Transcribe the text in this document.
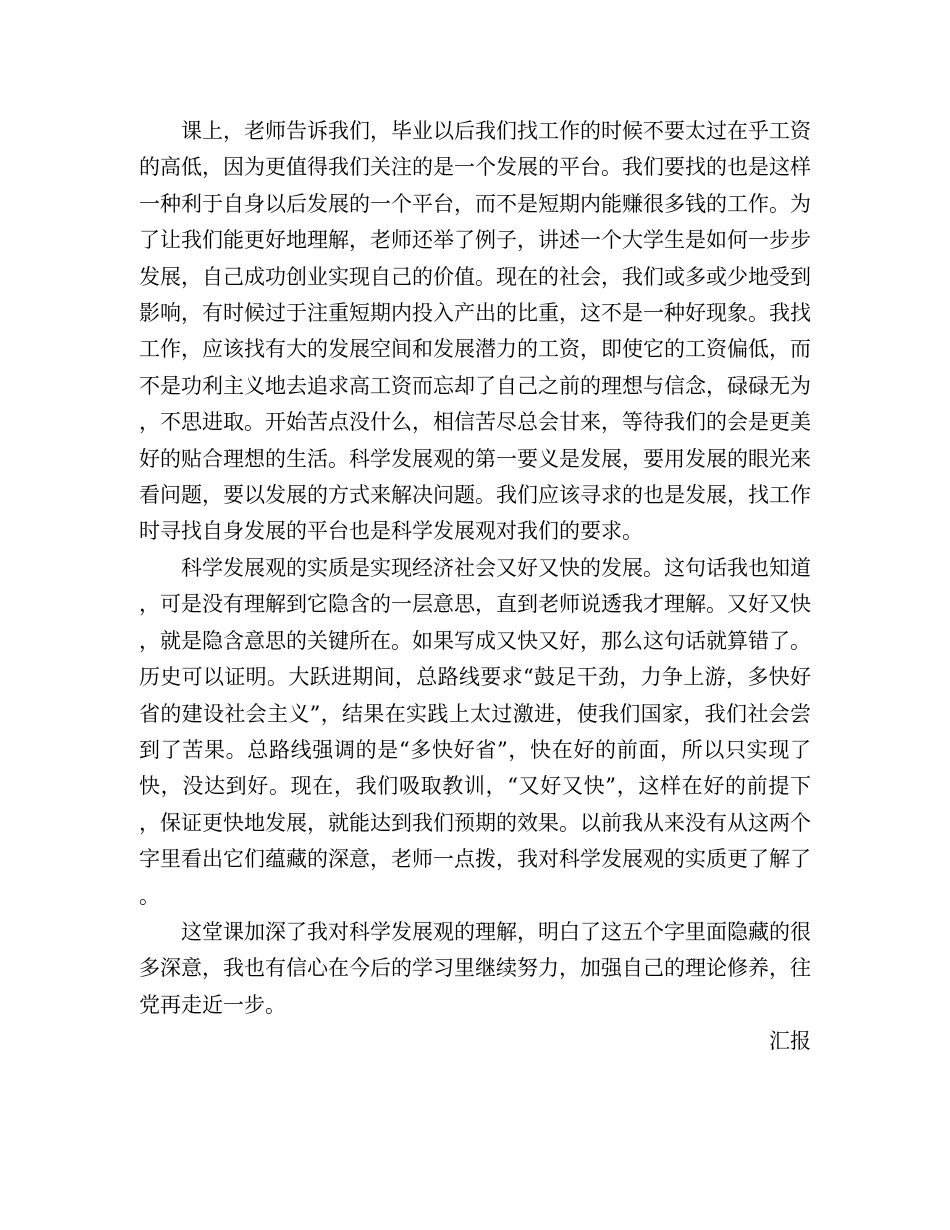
课上，老师告诉我们，毕业以后我们找工作的时候不要太过在乎工资的高低，因为更值得我们关注的是一个发展的平台。我们要找的也是这样一种利于自身以后发展的一个平台，而不是短期内能赚很多钱的工作。为了让我们能更好地理解，老师还举了例子，讲述一个大学生是如何一步步发展，自己成功创业实现自己的价值。现在的社会，我们或多或少地受到影响，有时候过于注重短期内投入产出的比重，这不是一种好现象。我找工作，应该找有大的发展空间和发展潜力的工资，即使它的工资偏低，而不是功利主义地去追求高工资而忘却了自己之前的理想与信念，碌碌无为，不思进取。开始苦点没什么，相信苦尽总会甘来，等待我们的会是更美好的贴合理想的生活。科学发展观的第一要义是发展，要用发展的眼光来看问题，要以发展的方式来解决问题。我们应该寻求的也是发展，找工作时寻找自身发展的平台也是科学发展观对我们的要求。

科学发展观的实质是实现经济社会又好又快的发展。这句话我也知道，可是没有理解到它隐含的一层意思，直到老师说透我才理解。又好又快，就是隐含意思的关键所在。如果写成又快又好，那么这句话就算错了。历史可以证明。大跃进期间，总路线要求“鼓足干劲，力争上游，多快好省的建设社会主义”，结果在实践上太过激进，使我们国家，我们社会尝到了苦果。总路线强调的是“多快好省”，快在好的前面，所以只实现了快，没达到好。现在，我们吸取教训，“又好又快”，这样在好的前提下，保证更快地发展，就能达到我们预期的效果。以前我从来没有从这两个字里看出它们蕴藏的深意，老师一点拨，我对科学发展观的实质更了解了。

这堂课加深了我对科学发展观的理解，明白了这五个字里面隐藏的很多深意，我也有信心在今后的学习里继续努力，加强自己的理论修养，往党再走近一步。

汇报
